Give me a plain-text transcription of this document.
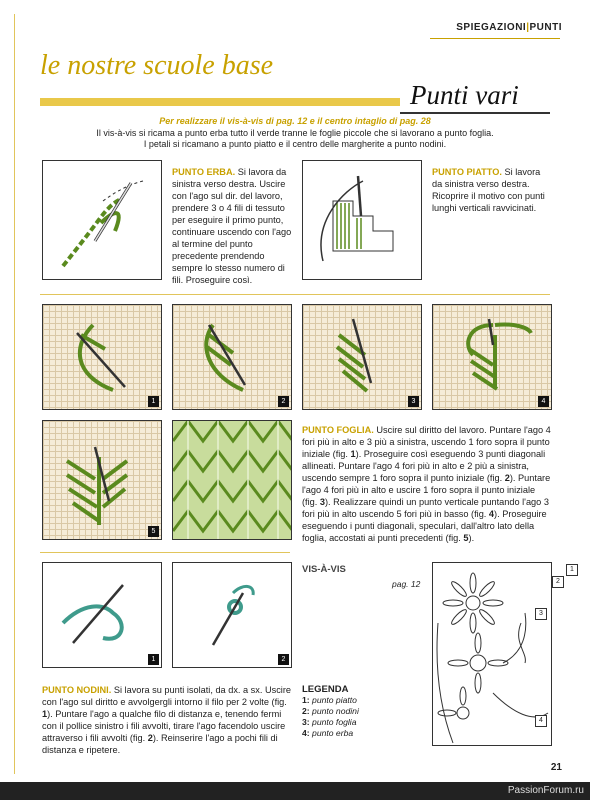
SPIEGAZIONI|PUNTI
le nostre scuole base
Punti vari
Per realizzare il vis-à-vis di pag. 12 e il centro intaglio di pag. 28
Il vis-à-vis si ricama a punto erba tutto il verde tranne le foglie piccole che si lavorano a punto foglia.
I petali si ricamano a punto piatto e il centro delle margherite a punto nodini.
PUNTO ERBA. Si lavora da sinistra verso destra. Uscire con l'ago sul dir. del lavoro, prendere 3 o 4 fili di tessuto per eseguire il primo punto, continuare uscendo con l'ago al termine del punto precedente prendendo sempre lo stesso numero di fili. Proseguire così.
PUNTO PIATTO. Si lavora da sinistra verso destra. Ricoprire il motivo con punti lunghi verticali ravvicinati.
1	2	3	4
5
PUNTO FOGLIA. Uscire sul diritto del lavoro. Puntare l'ago 4 fori più in alto e 3 più a sinistra, uscendo 1 foro sopra il punto iniziale (fig. 1). Proseguire così eseguendo 3 punti diagonali allineati. Puntare l'ago 4 fori più in alto e 2 più a sinistra, uscendo sempre 1 foro sopra il punto iniziale (fig. 2). Puntare l'ago 4 fori più in alto e uscire 1 foro sopra il punto iniziale (fig. 3). Realizzare quindi un punto verticale puntando l'ago 3 fori più in alto uscendo 5 fori più in basso (fig. 4). Proseguire eseguendo i punti diagonali, speculari, dall'altro lato della foglia, accostati ai punti precedenti (fig. 5).
1	2
VIS-À-VIS
pag. 12
1
2
3
4
PUNTO NODINI. Si lavora su punti isolati, da dx. a sx. Uscire con l'ago sul diritto e avvolgergli intorno il filo per 2 volte (fig. 1). Puntare l'ago a qualche filo di distanza e, tenendo fermi con il pollice sinistro i fili avvolti, tirare l'ago facendolo uscire attraverso i fili avvolti (fig. 2). Reinserire l'ago a pochi fili di distanza e ripetere.
LEGENDA
1: punto piatto
2: punto nodini
3: punto foglia
4: punto erba
21
PassionForum.ru
